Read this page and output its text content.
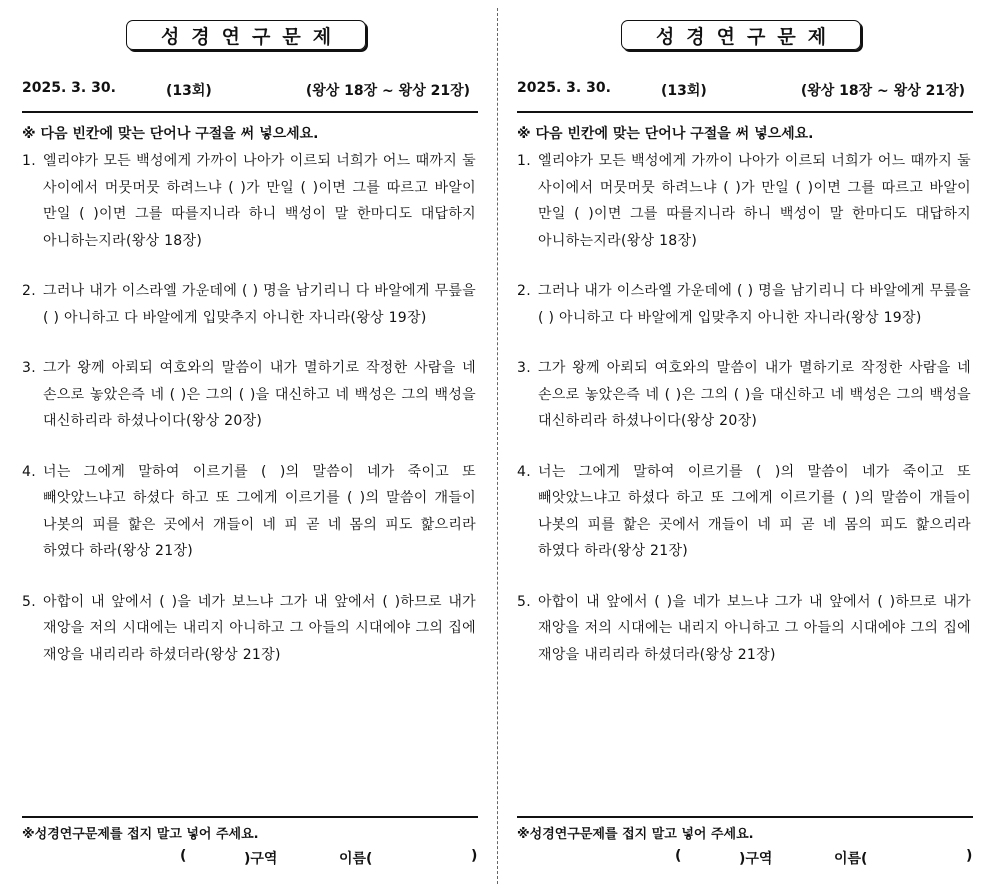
성경연구문제
2025. 3. 30.	(13회)	(왕상 18장 ~ 왕상 21장)
※ 다음 빈칸에 맞는 단어나 구절을 써 넣으세요.
1. 엘리야가 모든 백성에게 가까이 나아가 이르되 너희가 어느 때까지 둘 사이에서 머뭇머뭇 하려느냐 ( )가 만일 ( )이면 그를 따르고 바알이 만일 ( )이면 그를 따를지니라 하니 백성이 말 한마디도 대답하지 아니하는지라(왕상 18장)
2. 그러나 내가 이스라엘 가운데에 ( ) 명을 남기리니 다 바알에게 무릎을 ( ) 아니하고 다 바알에게 입맞추지 아니한 자니라(왕상 19장)
3. 그가 왕께 아뢰되 여호와의 말씀이 내가 멸하기로 작정한 사람을 네 손으로 놓았은즉 네 ( )은 그의 ( )을 대신하고 네 백성은 그의 백성을 대신하리라 하셨나이다(왕상 20장)
4. 너는 그에게 말하여 이르기를 ( )의 말씀이 네가 죽이고 또 빼앗았느냐고 하셨다 하고 또 그에게 이르기를 ( )의 말씀이 개들이 나봇의 피를 핥은 곳에서 개들이 네 피 곧 네 몸의 피도 핥으리라 하였다 하라(왕상 21장)
5. 아합이 내 앞에서 ( )을 네가 보느냐 그가 내 앞에서 ( )하므로 내가 재앙을 저의 시대에는 내리지 아니하고 그 아들의 시대에야 그의 집에 재앙을 내리리라 하셨더라(왕상 21장)
※성경연구문제를 접지 말고 넣어 주세요.
(	)구역	이름(	)
성경연구문제
2025. 3. 30.	(13회)	(왕상 18장 ~ 왕상 21장)
※ 다음 빈칸에 맞는 단어나 구절을 써 넣으세요.
1. 엘리야가 모든 백성에게 가까이 나아가 이르되 너희가 어느 때까지 둘 사이에서 머뭇머뭇 하려느냐 ( )가 만일 ( )이면 그를 따르고 바알이 만일 ( )이면 그를 따를지니라 하니 백성이 말 한마디도 대답하지 아니하는지라(왕상 18장)
2. 그러나 내가 이스라엘 가운데에 ( ) 명을 남기리니 다 바알에게 무릎을 ( ) 아니하고 다 바알에게 입맞추지 아니한 자니라(왕상 19장)
3. 그가 왕께 아뢰되 여호와의 말씀이 내가 멸하기로 작정한 사람을 네 손으로 놓았은즉 네 ( )은 그의 ( )을 대신하고 네 백성은 그의 백성을 대신하리라 하셨나이다(왕상 20장)
4. 너는 그에게 말하여 이르기를 ( )의 말씀이 네가 죽이고 또 빼앗았느냐고 하셨다 하고 또 그에게 이르기를 ( )의 말씀이 개들이 나봇의 피를 핥은 곳에서 개들이 네 피 곧 네 몸의 피도 핥으리라 하였다 하라(왕상 21장)
5. 아합이 내 앞에서 ( )을 네가 보느냐 그가 내 앞에서 ( )하므로 내가 재앙을 저의 시대에는 내리지 아니하고 그 아들의 시대에야 그의 집에 재앙을 내리리라 하셨더라(왕상 21장)
※성경연구문제를 접지 말고 넣어 주세요.
(	)구역	이름(	)
